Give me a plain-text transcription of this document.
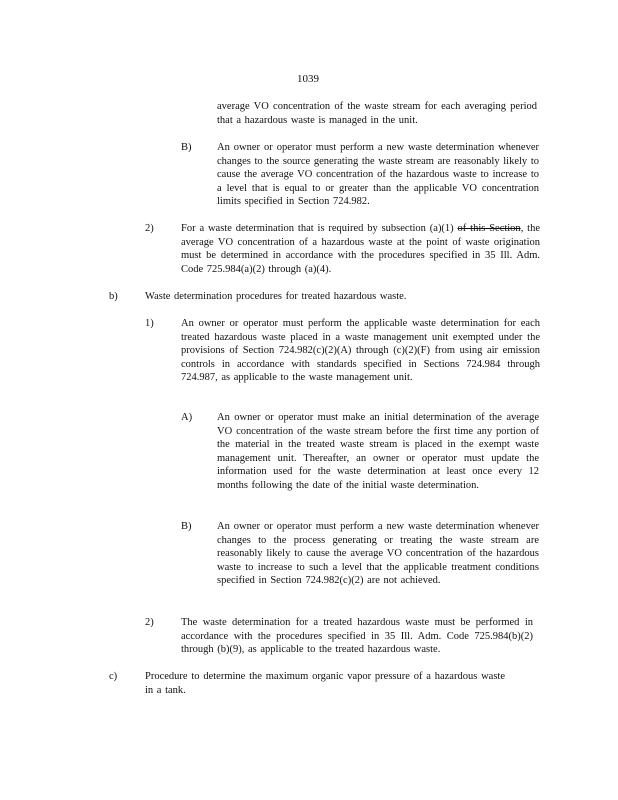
1039
average VO concentration of the waste stream for each averaging period that a hazardous waste is managed in the unit.
B) An owner or operator must perform a new waste determination whenever changes to the source generating the waste stream are reasonably likely to cause the average VO concentration of the hazardous waste to increase to a level that is equal to or greater than the applicable VO concentration limits specified in Section 724.982.
2)	For a waste determination that is required by subsection (a)(1) of this Section, the average VO concentration of a hazardous waste at the point of waste origination must be determined in accordance with the procedures specified in 35 Ill. Adm. Code 725.984(a)(2) through (a)(4).
b)	Waste determination procedures for treated hazardous waste.
1)	An owner or operator must perform the applicable waste determination for each treated hazardous waste placed in a waste management unit exempted under the provisions of Section 724.982(c)(2)(A) through (c)(2)(F) from using air emission controls in accordance with standards specified in Sections 724.984 through 724.987, as applicable to the waste management unit.
A) An owner or operator must make an initial determination of the average VO concentration of the waste stream before the first time any portion of the material in the treated waste stream is placed in the exempt waste management unit. Thereafter, an owner or operator must update the information used for the waste determination at least once every 12 months following the date of the initial waste determination.
B) An owner or operator must perform a new waste determination whenever changes to the process generating or treating the waste stream are reasonably likely to cause the average VO concentration of the hazardous waste to increase to such a level that the applicable treatment conditions specified in Section 724.982(c)(2) are not achieved.
2)	The waste determination for a treated hazardous waste must be performed in accordance with the procedures specified in 35 Ill. Adm. Code 725.984(b)(2) through (b)(9), as applicable to the treated hazardous waste.
c)	Procedure to determine the maximum organic vapor pressure of a hazardous waste in a tank.
